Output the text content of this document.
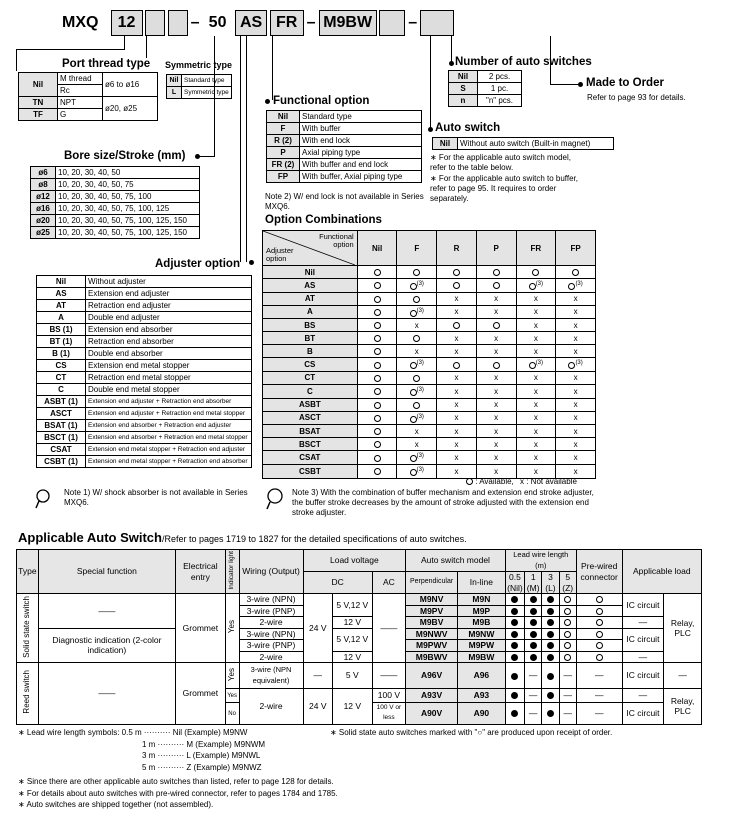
MXQ 12	– 50 AS FR – M9BW –
Port thread type
Nil	M thread	ø6 to ø16
	Rc	
TN	NPT	ø20, ø25
TF	G	
Symmetric type
Nil	Standard type
L	Symmetric type
Bore size/Stroke (mm)
ø6	10, 20, 30, 40, 50
ø8	10, 20, 30, 40, 50, 75
ø12	10, 20, 30, 40, 50, 75, 100
ø16	10, 20, 30, 40, 50, 75, 100, 125
ø20	10, 20, 30, 40, 50, 75, 100, 125, 150
ø25	10, 20, 30, 40, 50, 75, 100, 125, 150
Adjuster option
Nil	Without adjuster
AS	Extension end adjuster
AT	Retraction end adjuster
A	Double end adjuster
BS (1)	Extension end absorber
BT (1)	Retraction end absorber
B (1)	Double end absorber
CS	Extension end metal stopper
CT	Retraction end metal stopper
C	Double end metal stopper
ASBT (1)	Extension end adjuster + Retraction end absorber
ASCT	Extension end adjuster + Retraction end metal stopper
BSAT (1)	Extension end absorber + Retraction end adjuster
BSCT (1)	Extension end absorber + Retraction end metal stopper
CSAT	Extension end metal stopper + Retraction end adjuster
CSBT (1)	Extension end metal stopper + Retraction end absorber
Note 1) W/ shock absorber is not available in Series MXQ6.
Functional option
Nil	Standard type
F	With buffer
R (2)	With end lock
P	Axial piping type
FR (2)	With buffer and end lock
FP	With buffer, Axial piping type
Note 2) W/ end lock is not available in Series MXQ6.
Number of auto switches
Nil	2 pcs.
S	1 pc.
n	"n" pcs.
Made to Order
Refer to page 93 for details.
Auto switch
Nil	Without auto switch (Built-in magnet)
∗ For the applicable auto switch model, refer to the table below.
∗ For the applicable auto switch to buffer, refer to page 95. It requires to order separately.
Option Combinations
Functional option
Adjuster option	Nil	F	R	P	FR	FP
Nil						
AS		$^{(3)}$			$^{(3)}$	$^{(3)}$
AT			x	x	x	x
A		$^{(3)}$	x	x	x	x
BS		x			x	x
BT			x	x	x	x
B		x	x	x	x	x
CS		$^{(3)}$			$^{(3)}$	$^{(3)}$
CT			x	x	x	x
C		$^{(3)}$	x	x	x	x
ASBT			x	x	x	x
ASCT		$^{(3)}$	x	x	x	x
BSAT		x	x	x	x	x
BSCT		x	x	x	x	x
CSAT		$^{(3)}$	x	x	x	x
CSBT		$^{(3)}$	x	x	x	x
: Available, x : Not available
Note 3) With the combination of buffer mechanism and extension end stroke adjuster, the buffer stroke decreases by the amount of stroke adjusted with the extension end stroke adjuster.
Applicable Auto Switch/Refer to pages 1719 to 1827 for the detailed specifications of auto switches.
Type	Special function	Electrical entry	Indicator light	Wiring (Output)	Load voltage			Auto switch model		Lead wire length (m)				Pre-wired connector	Applicable load	
					DC		AC	Perpendicular	In-line	0.5 (Nil)	1 (M)	3 (L)	5 (Z)			

Solid state switch	——	Grommet	Yes	3-wire (NPN)	24 V	5 V,12 V	——	M9NV	M9N						IC circuit	Relay, PLC
				3-wire (PNP)				M9PV	M9P							
				2-wire		12 V		M9BV	M9B						—	
	Diagnostic indication (2-color indication)			3-wire (NPN)		5 V,12 V		M9NWV	M9NW						IC circuit	
				3-wire (PNP)				M9PWV	M9PW							
				2-wire		12 V		M9BWV	M9BW						—	
Reed switch	——	Grommet	Yes	3-wire (NPN equivalent)	—	5 V	——	A96V	A96		—		—	—	IC circuit	—
			Yes	2-wire	24 V	12 V	100 V	A93V	A93		—		—	—	—	Relay, PLC
			No				100 V or less	A90V	A90		—		—	—	IC circuit	
∗ Lead wire length symbols: 0.5 m ·········· Nil (Example) M9NW
1 m ·········· M (Example) M9NWM
3 m ·········· L (Example) M9NWL
5 m ·········· Z (Example) M9NWZ
∗ Solid state auto switches marked with "○" are produced upon receipt of order.
∗ Since there are other applicable auto switches than listed, refer to page 128 for details.
∗ For details about auto switches with pre-wired connector, refer to pages 1784 and 1785.
∗ Auto switches are shipped together (not assembled).
